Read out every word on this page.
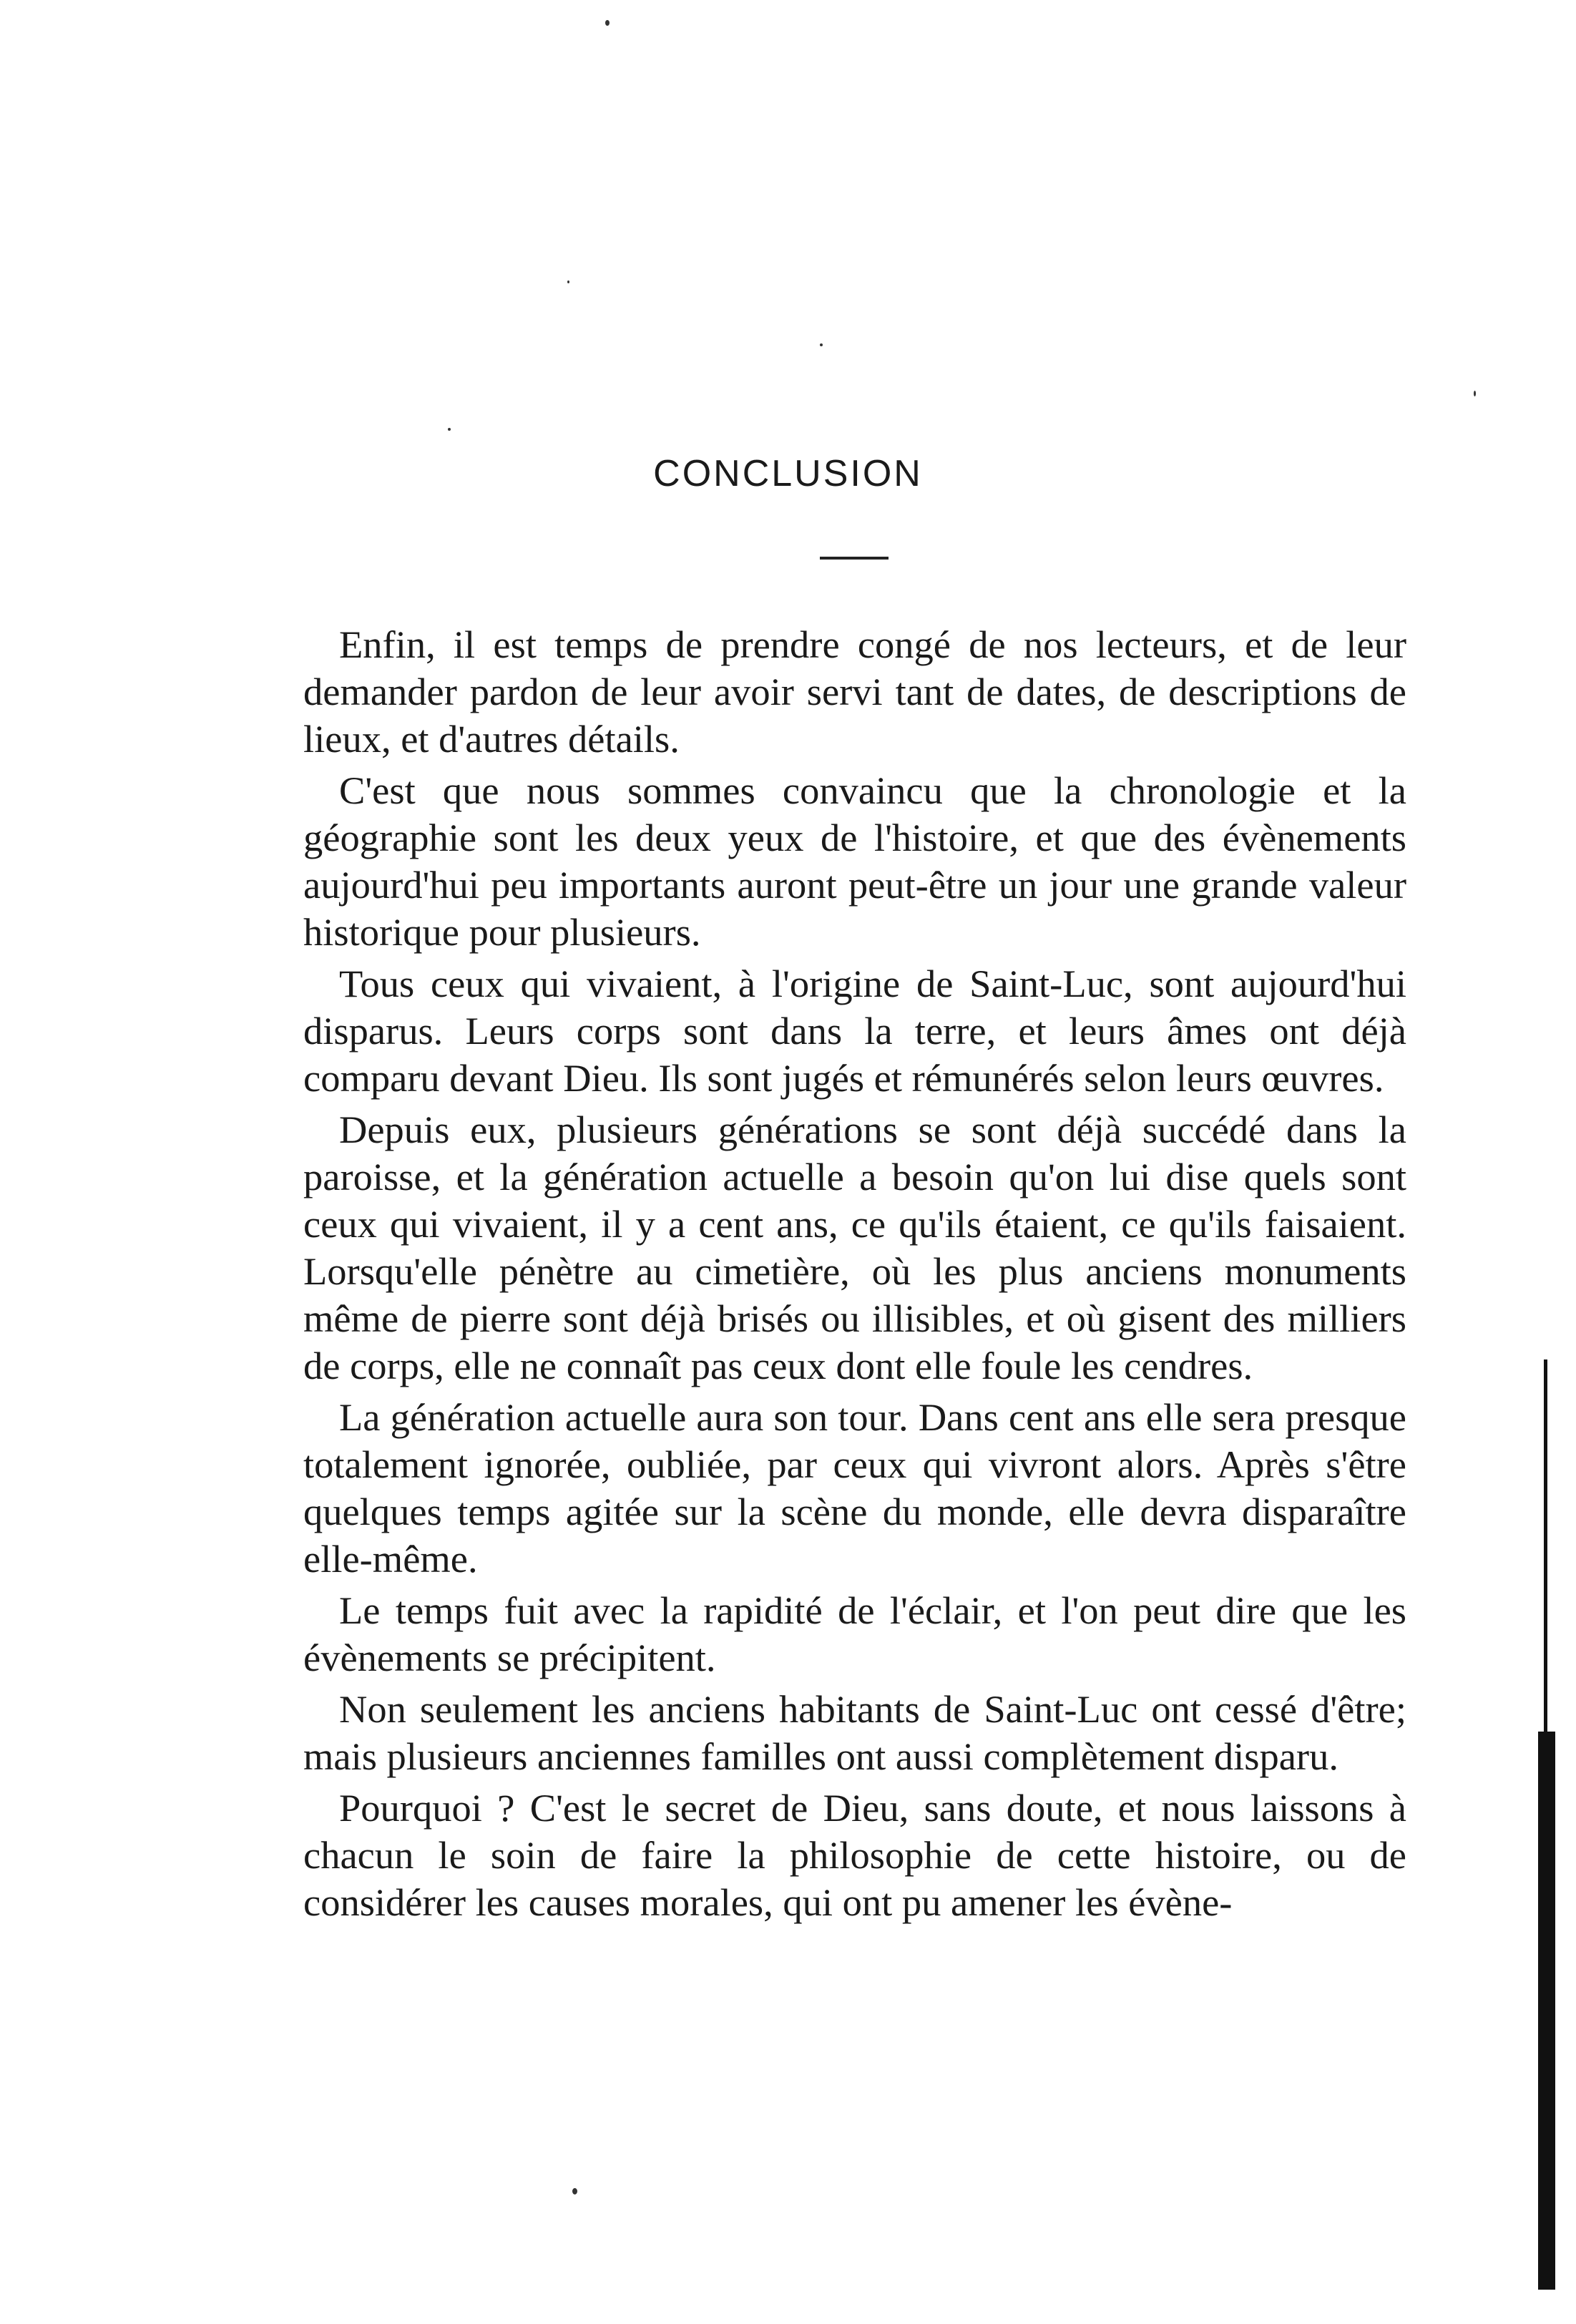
CONCLUSION

Enfin, il est temps de prendre congé de nos lecteurs, et de leur demander pardon de leur avoir servi tant de dates, de descriptions de lieux, et d'autres détails.

C'est que nous sommes convaincu que la chronologie et la géographie sont les deux yeux de l'histoire, et que des évènements aujourd'hui peu importants auront peut-être un jour une grande valeur historique pour plusieurs.

Tous ceux qui vivaient, à l'origine de Saint-Luc, sont aujourd'hui disparus. Leurs corps sont dans la terre, et leurs âmes ont déjà comparu devant Dieu. Ils sont jugés et rémunérés selon leurs œuvres.

Depuis eux, plusieurs générations se sont déjà succédé dans la paroisse, et la génération actuelle a besoin qu'on lui dise quels sont ceux qui vivaient, il y a cent ans, ce qu'ils étaient, ce qu'ils faisaient. Lorsqu'elle pénètre au cimetière, où les plus anciens monuments même de pierre sont déjà brisés ou illisibles, et où gisent des milliers de corps, elle ne connaît pas ceux dont elle foule les cendres.

La génération actuelle aura son tour. Dans cent ans elle sera presque totalement ignorée, oubliée, par ceux qui vivront alors. Après s'être quelques temps agitée sur la scène du monde, elle devra disparaître elle-même.

Le temps fuit avec la rapidité de l'éclair, et l'on peut dire que les évènements se précipitent.

Non seulement les anciens habitants de Saint-Luc ont cessé d'être; mais plusieurs anciennes familles ont aussi complètement disparu.

Pourquoi ? C'est le secret de Dieu, sans doute, et nous laissons à chacun le soin de faire la philosophie de cette histoire, ou de considérer les causes morales, qui ont pu amener les évène-
